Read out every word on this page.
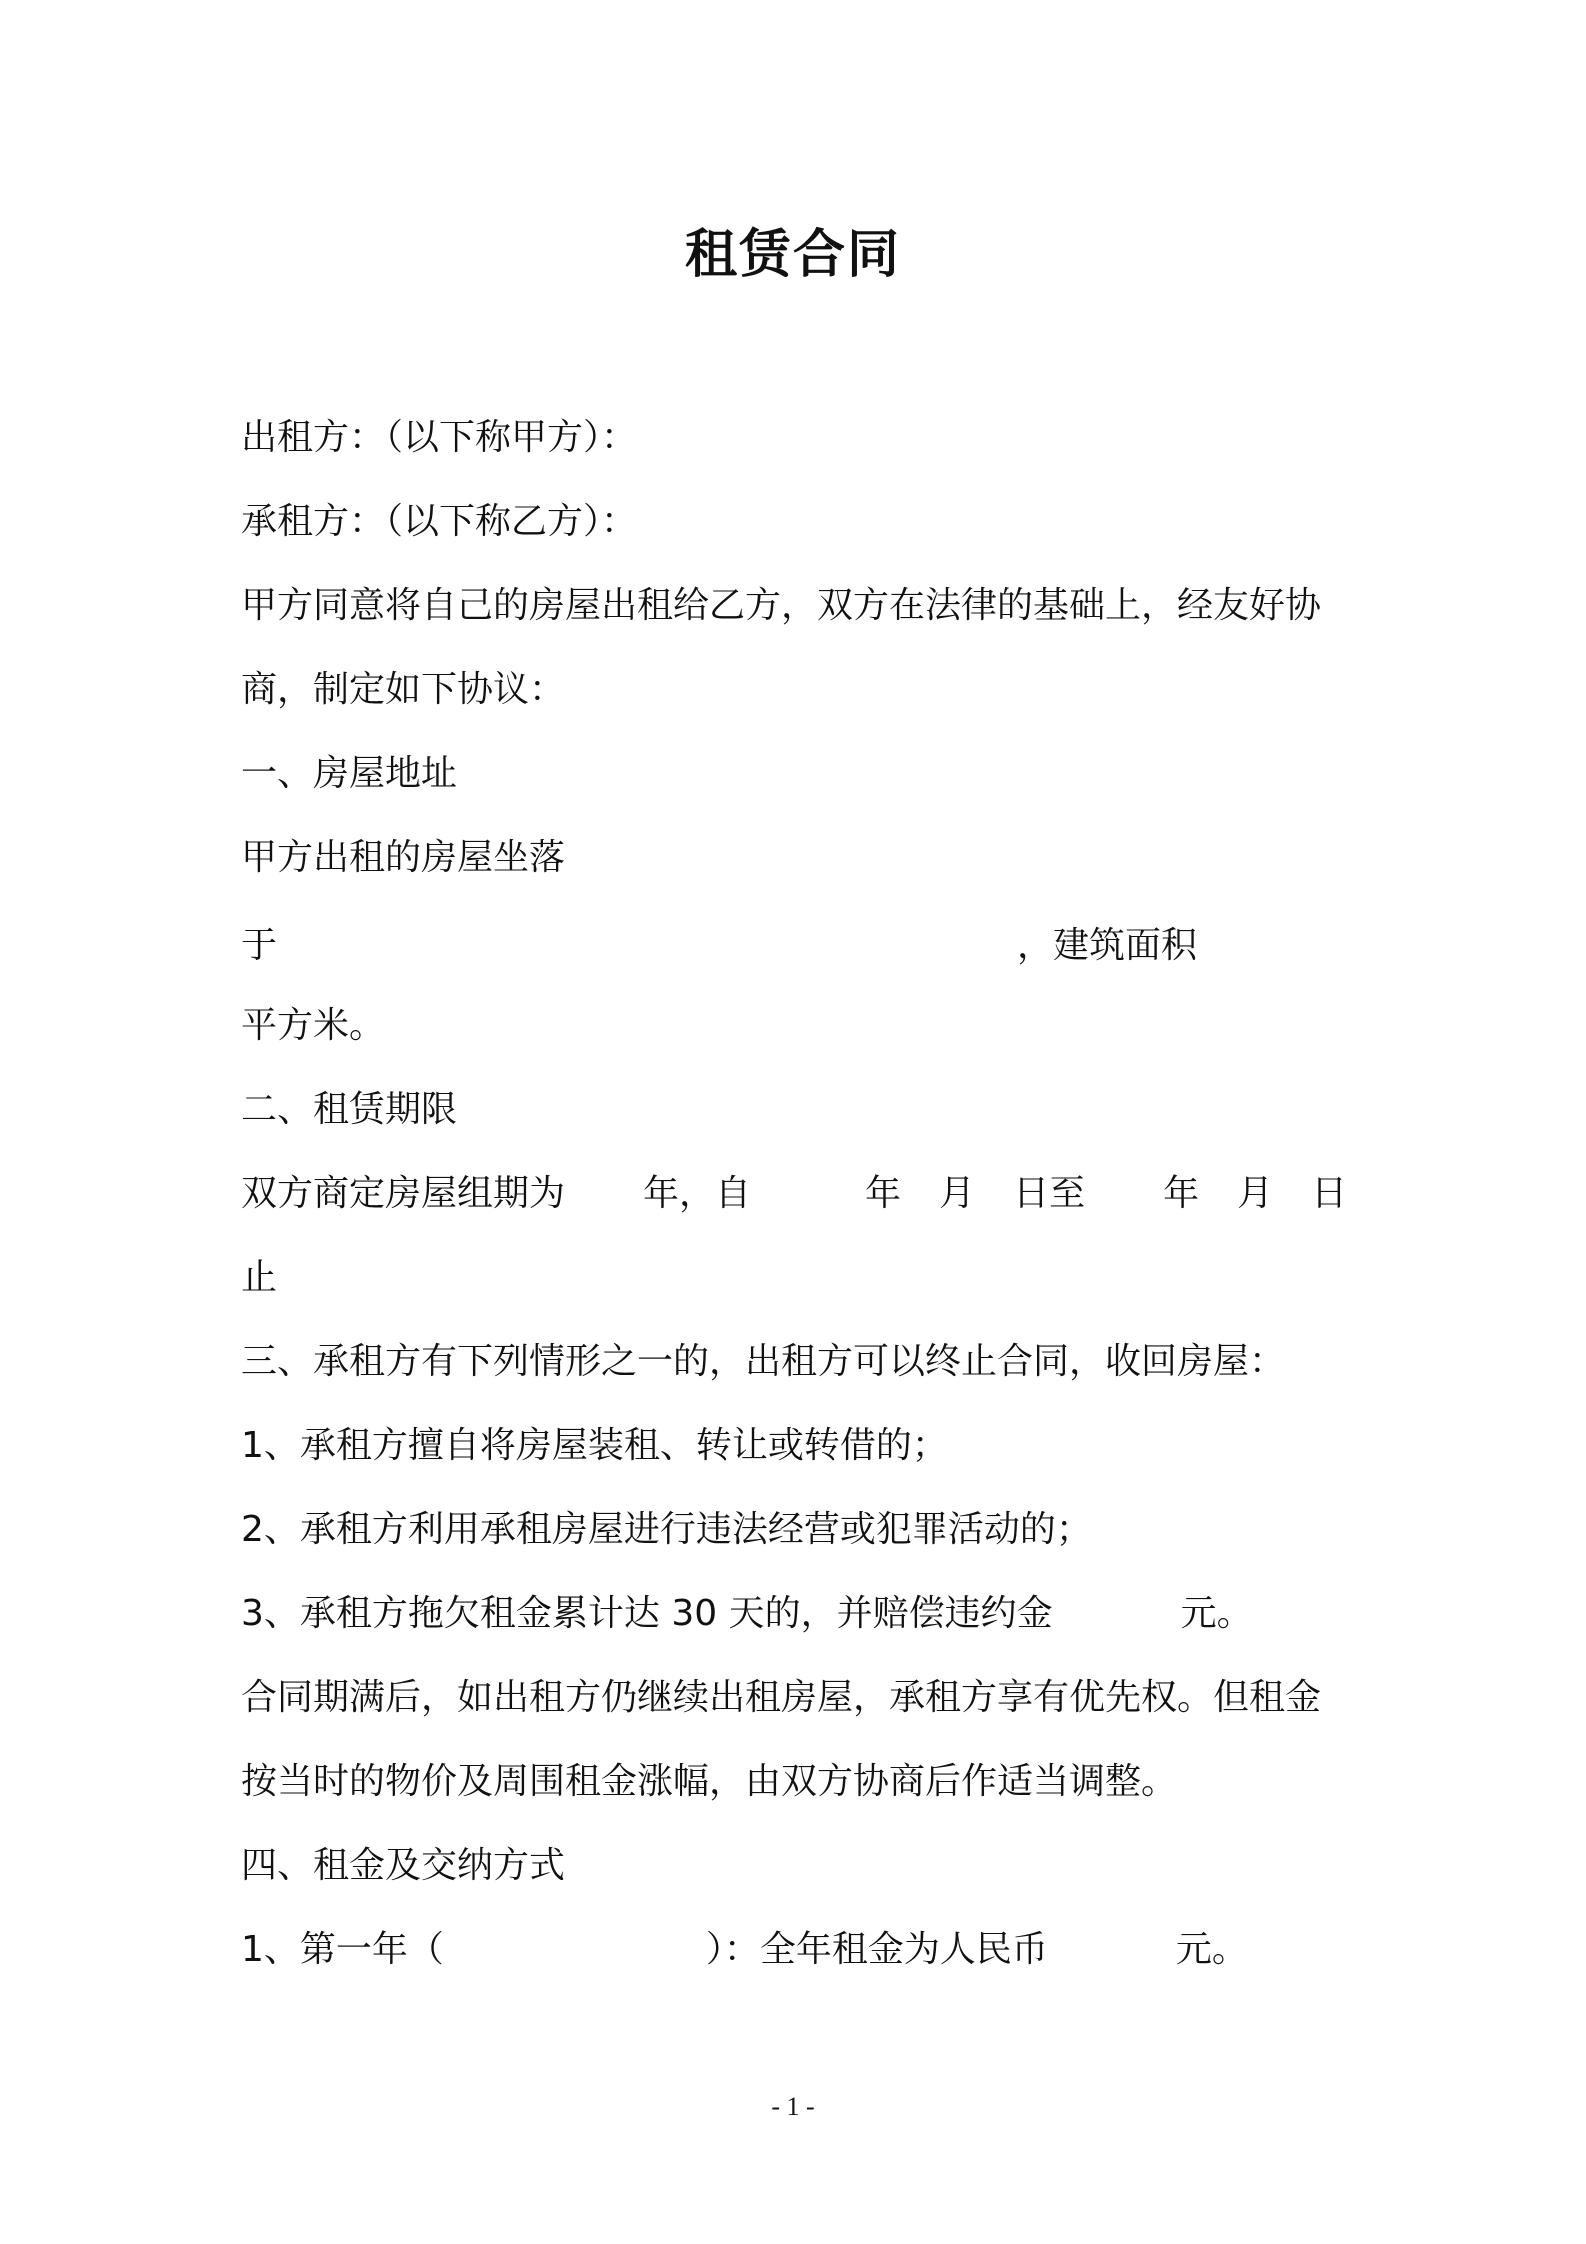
租赁合同
出租方：（以下称甲方）：
承租方：（以下称乙方）：
甲方同意将自己的房屋出租给乙方，双方在法律的基础上，经友好协
商，制定如下协议：
一、房屋地址
甲方出租的房屋坐落
于	，建筑面积
平方米。
二、租赁期限
双方商定房屋组期为 年，自	年 月 日至 年 月 日
止
三、承租方有下列情形之一的，出租方可以终止合同，收回房屋：
1、承租方擅自将房屋装租、转让或转借的；
2、承租方利用承租房屋进行违法经营或犯罪活动的；
3、承租方拖欠租金累计达 30 天的，并赔偿违约金	元。
合同期满后，如出租方仍继续出租房屋，承租方享有优先权。但租金
按当时的物价及周围租金涨幅，由双方协商后作适当调整。
四、租金及交纳方式
1、第一年（	）：全年租金为人民币	元。
- 1 -
